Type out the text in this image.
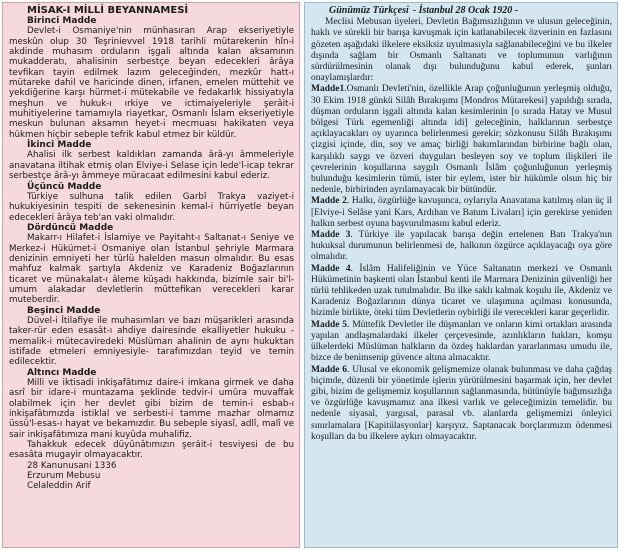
MİSAK-I MİLLİ BEYANNAMESİ
Birinci Madde

Devlet-i Osmaniye'nin münhasıran Arap ekseriyetiyle meskûn olup 30 Teşrinievvel 1918 tarihli mütarekenin hîn-i akdinde muhasım orduların işgali altında kalan aksamının mukadderatı, ahalisinin serbestçe beyan edecekleri ârâya tevfikan tayin edilmek lazım geleceğinden, mezkûr hatt-ı mütareke dahil ve haricinde dinen, irfanen, emelen müttehit ve yekdiğerine karşı hürmet-i mütekabile ve fedakarlık hissiyatıyla meşhun ve hukuk-ı ırkiye ve ictimaiyeleriyle şerâit-i muhitiyelerine tamamıyla riayetkar, Osmanlı İslam ekseriyetiyle meskun bulunan aksamın heyet-i mecmuası hakikaten veya hükmen hiçbir sebeple tefrik kabul etmez bir küldür.

İkinci Madde

Ahalisi ilk serbest kaldıkları zamanda ârâ-yı âmmeleriyle anavatana iltihak etmiş olan Elviye-i Selase için lede'l-icap tekrar serbestçe ârâ-yı âmmeye müracaat edilmesini kabul ederiz.

Üçüncü Madde

Türkiye sulhuna talik edilen Garbî Trakya vaziyet-i hukukiyesinin tespiti de sekenesinin kemal-i hürriyetle beyan edecekleri ârâya teb'an vaki olmalıdır.

Dördüncü Madde

Makarr-ı Hilafet-i İslamiye ve Payitaht-ı Saltanat-ı Seniye ve Merkez-i Hükümet-i Osmaniye olan İstanbul şehriyle Marmara denizinin emniyeti her türlü halelden masun olmalıdır. Bu esas mahfuz kalmak şartıyla Akdeniz ve Karadeniz Boğazlarının ticaret ve münakalat-ı âleme küşadı hakkında, bizimle sair bi'l-umum alakadar devletlerin müttefikan verecekleri karar muteberdir.

Beşinci Madde

Düvel-i İtilafiye ile muhasımları ve bazı müşarikleri arasında taker-rür eden esasât-ı ahdiye dairesinde ekalliyetler hukuku -memalik-i mütecaviredeki Müslüman ahalinin de aynı hukuktan istifade etmeleri emniyesiyle- tarafımızdan teyid ve temin edilecektir.

Altıncı Madde

Milli ve iktisadi inkişafâtımız daire-i imkana girmek ve daha asrî bir idare-i muntazama şeklinde tedvir-i umûra muvaffak olabilmek için her devlet gibi bizim de temin-i esbab-ı inkişafâtımızda istiklal ve serbesti-i tamme mazhar olmamız üssü'l-esas-ı hayat ve bekamızdır. Bu sebeple siyasî, adlî, malî ve sair inkişafâtımıza mani kuyûda muhalifiz.

Tahakkuk edecek düyûnâtımızın şerâit-i tesviyesi de bu esasâta mugayir olmayacaktır.

28 Kanunusani 1336
Erzurum Mebusu
Celaleddin Arif
Günümüz Türkçesi - İstanbul 28 Ocak 1920 -

Meclisi Mebusan üyeleri, Devletin Bağımsızlığının ve ulusun geleceğinin, haklı ve sürekli bir barışa kavuşmak için katlanabilecek özverinin en fazlasını gözeten aşağıdaki ilkelere eksiksiz uyulmasıyla sağlanabileceğini ve bu ilkeler dışında sağlam bir Osmanlı Saltanatı ve toplumunun varlığının sürdürülmesinin olanak dışı bulunduğunu kabul ederek, şunları onaylamışlardır:

Madde1.Osmanlı Devleti'nin, özellikle Arap çoğunluğunun yerleşmiş olduğu, 30 Ekim 1918 günkü Silâh Bırakışımı [Mondros Mütarekesi] yapıldığı sırada, düşman orduların işgali altında kalan kesimlerinin [o sırada Hatay ve Musul bölgesi Türk egemenliği altında idi] geleceğinin, halklarının serbestçe açıklayacakları oy uyarınca belirlenmesi gerekir; sözkonusu Silâh Bırakışımı çizgisi içinde, din, soy ve amaç birliği bakımlarından birbirine bağlı olan, karşılıklı saygı ve özveri duyguları besleyen soy ve toplum ilişkileri ile çevrelerinin koşullarına saygılı Osmanlı İslâm çoğunluğunun yerleşmiş bulunduğu kesimlerin tümü, ister bir eylem, ister bir hükümle olsun hiç bir nedenle, birbirinden ayrılamayacak bir bütündür.

Madde 2. Halkı, özgürlüğe kavuşunca, oylarıyla Anavatana katılmış olan üç il [Elviye-i Selâse yani Kars, Ardıhan ve Batum Livaları] için gerekirse yeniden halkın serbest oyuna başvurulmasını kabul ederiz.

Madde 3. Türkiye ile yapılacak barışa değin ertelenen Batı Trakya'nın hukuksal durumunun belirlenmesi de, halkının özgürce açıklayacağı oya göre olmalıdır.

Madde 4. İslâm Halifeliğinin ve Yüce Saltanatın merkezi ve Osmanlı Hükümetinin başkenti olan İstanbul kenti ile Marmara Denizinin güvenliği her türlü tehlikeden uzak tutulmalıdır. Bu ilke saklı kalmak koşulu ile, Akdeniz ve Karadeniz Boğazlarının dünya ticaret ve ulaşımına açılması konusunda, bizimle birlikte, öteki tüm Devletlerin oybirliği ile verecekleri karar geçerlidir.

Madde 5. Müttefik Devletler ile düşmanları ve onların kimi ortakları arasında yapılan andlaşmalardaki ilkeler çerçevesinde, azınlıkların hakları, komşu ülkelerdeki Müslüman halkların da özdeş haklardan yararlanması umudu ile, bizce de benimsenip güvence altına alınacaktır.

Madde 6. Ulusal ve ekonomik gelişmemize olanak bulunması ve daha çağdaş biçimde, düzenli bir yönetimle işlerin yürütülmesini başarmak için, her devlet gibi, bizim de gelişmemiz koşullarının sağlanmasında, bütünüyle bağımsızlığa ve özgürlüğe kavuşmamız ana ilkesi varlık ve geleceğimizin temelidir. bu nedenle siyasal, yargısal, parasal vb. alanlarda gelişmemizi önleyici sınırlamalara [Kapitülasyonlar] karşıyız. Saptanacak borçlarımızın ödenmesi koşulları da bu ilkelere aykırı olmayacaktır.
